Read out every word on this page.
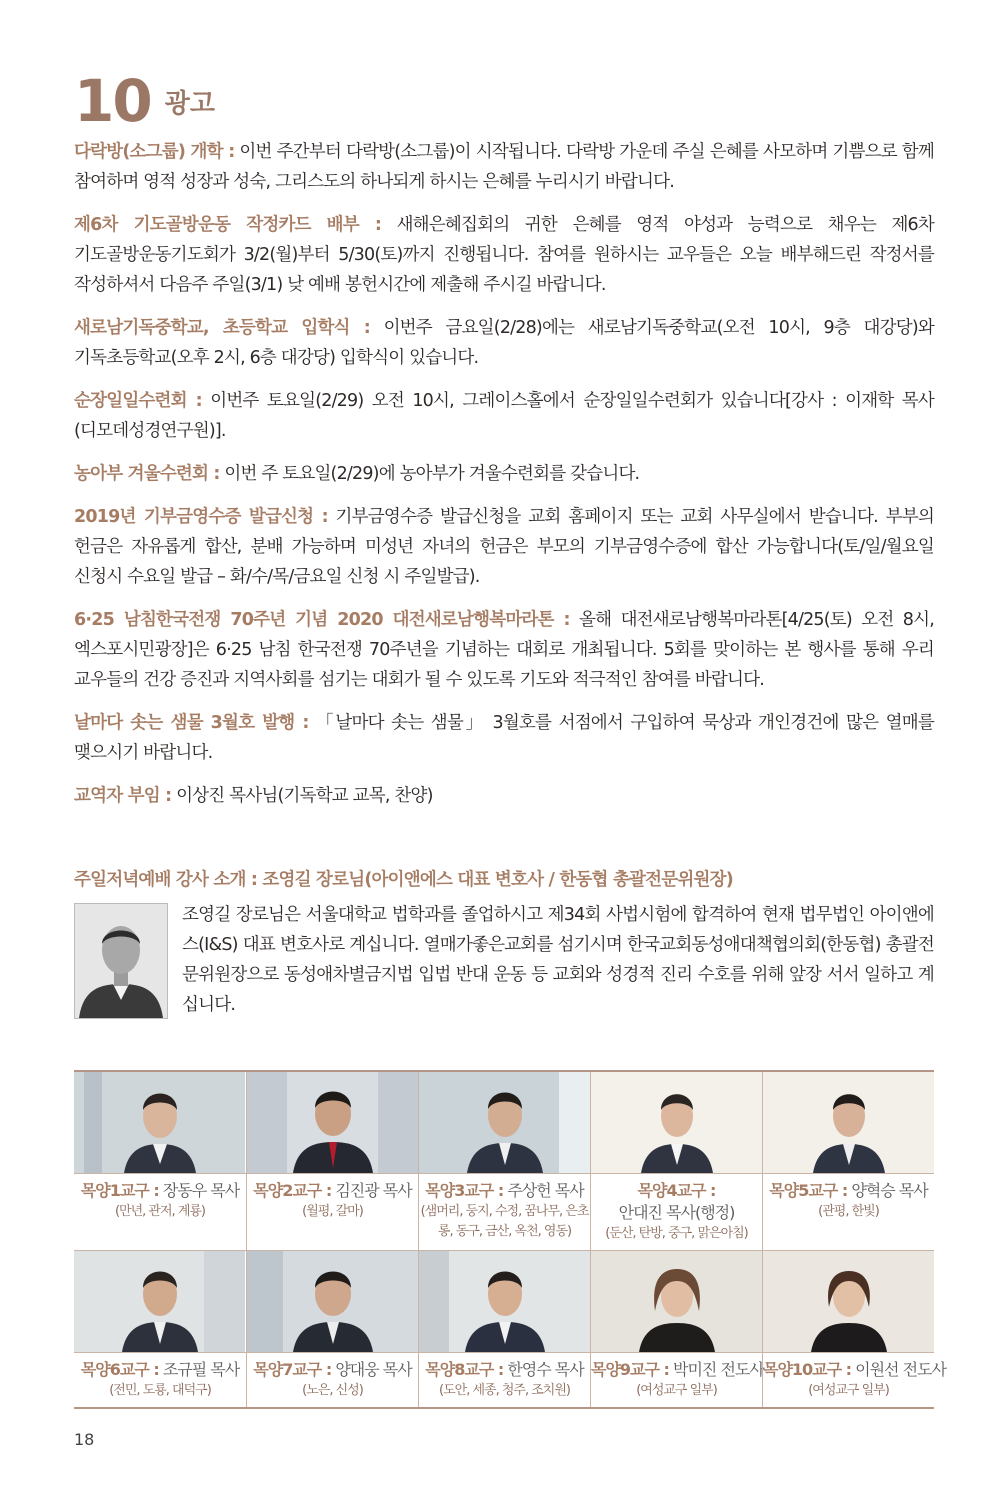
10 광고

다락방(소그룹) 개학 : 이번 주간부터 다락방(소그룹)이 시작됩니다. 다락방 가운데 주실 은혜를 사모하며 기쁨으로 함께 참여하며 영적 성장과 성숙, 그리스도의 하나되게 하시는 은혜를 누리시기 바랍니다.

제6차 기도골방운동 작정카드 배부 : 새해은혜집회의 귀한 은혜를 영적 야성과 능력으로 채우는 제6차 기도골방운동기도회가 3/2(월)부터 5/30(토)까지 진행됩니다. 참여를 원하시는 교우들은 오늘 배부해드린 작정서를 작성하셔서 다음주 주일(3/1) 낮 예배 봉헌시간에 제출해 주시길 바랍니다.

새로남기독중학교, 초등학교 입학식 : 이번주 금요일(2/28)에는 새로남기독중학교(오전 10시, 9층 대강당)와 기독초등학교(오후 2시, 6층 대강당) 입학식이 있습니다.

순장일일수련회 : 이번주 토요일(2/29) 오전 10시, 그레이스홀에서 순장일일수련회가 있습니다[강사 : 이재학 목사(디모데성경연구원)].

농아부 겨울수련회 : 이번 주 토요일(2/29)에 농아부가 겨울수련회를 갖습니다.

2019년 기부금영수증 발급신청 : 기부금영수증 발급신청을 교회 홈페이지 또는 교회 사무실에서 받습니다. 부부의 헌금은 자유롭게 합산, 분배 가능하며 미성년 자녀의 헌금은 부모의 기부금영수증에 합산 가능합니다(토/일/월요일 신청시 수요일 발급 – 화/수/목/금요일 신청 시 주일발급).

6·25 남침한국전쟁 70주년 기념 2020 대전새로남행복마라톤 : 올해 대전새로남행복마라톤[4/25(토) 오전 8시, 엑스포시민광장]은 6·25 남침 한국전쟁 70주년을 기념하는 대회로 개최됩니다. 5회를 맞이하는 본 행사를 통해 우리 교우들의 건강 증진과 지역사회를 섬기는 대회가 될 수 있도록 기도와 적극적인 참여를 바랍니다.

날마다 솟는 샘물 3월호 발행 : 「날마다 솟는 샘물」 3월호를 서점에서 구입하여 묵상과 개인경건에 많은 열매를 맺으시기 바랍니다.

교역자 부임 : 이상진 목사님(기독학교 교목, 찬양)

주일저녁예배 강사 소개 : 조영길 장로님(아이앤에스 대표 변호사 / 한동협 총괄전문위원장)
조영길 장로님은 서울대학교 법학과를 졸업하시고 제34회 사법시험에 합격하여 현재 법무법인 아이앤에스(I&S) 대표 변호사로 계십니다. 열매가좋은교회를 섬기시며 한국교회동성애대책협의회(한동협) 총괄전문위원장으로 동성애차별금지법 입법 반대 운동 등 교회와 성경적 진리 수호를 위해 앞장 서서 일하고 계십니다.
목양1교구 : 장동우 목사
(만년, 관저, 계룡)
목양2교구 : 김진광 목사
(월평, 갈마)
목양3교구 : 주상헌 목사
(샘머리, 둥지, 수정, 꿈나무, 은초롱, 동구, 금산, 옥천, 영동)
목양4교구 :
안대진 목사(행정)
(둔산, 탄방, 중구, 맑은아침)
목양5교구 : 양혁승 목사
(관평, 한빛)
목양6교구 : 조규필 목사
(전민, 도룡, 대덕구)
목양7교구 : 양대웅 목사
(노은, 신성)
목양8교구 : 한영수 목사
(도안, 세종, 청주, 조치원)
목양9교구 : 박미진 전도사
(여성교구 일부)
목양10교구 : 이원선 전도사
(여성교구 일부)
18
